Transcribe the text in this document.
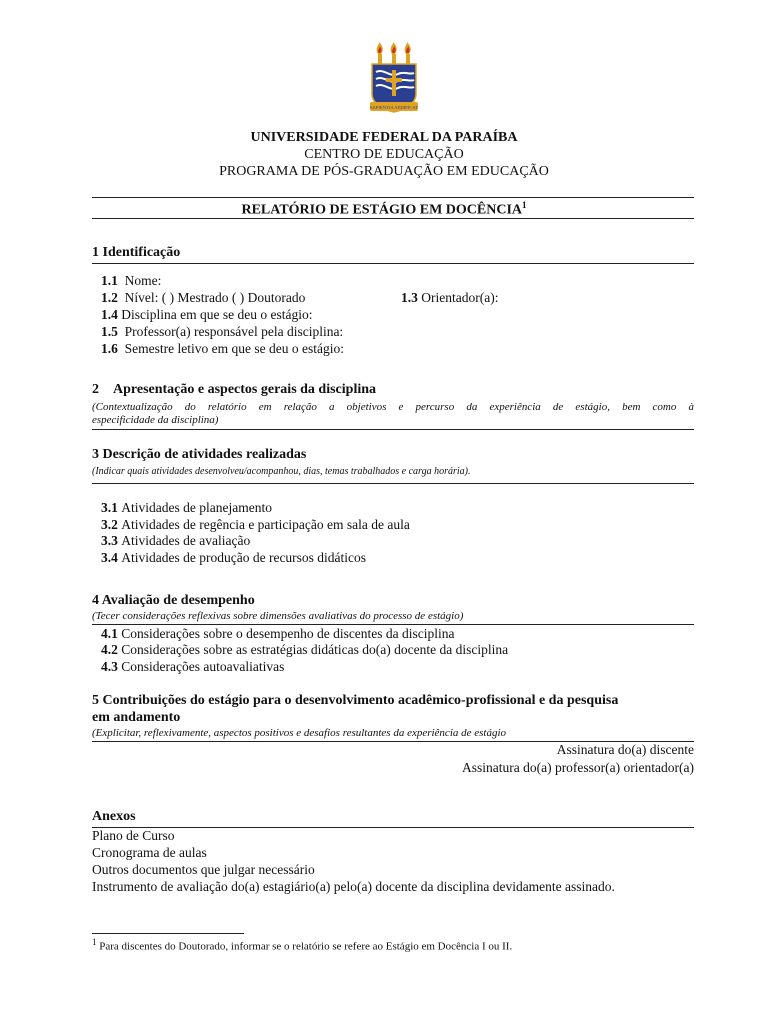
SAPIENTIA AEDIFICAT
UNIVERSIDADE FEDERAL DA PARAÍBA
CENTRO DE EDUCAÇÃO
PROGRAMA DE PÓS-GRADUAÇÃO EM EDUCAÇÃO
RELATÓRIO DE ESTÁGIO EM DOCÊNCIA$^1$
1 Identificação
1.1 Nome:
1.2 Nível: ( ) Mestrado ( ) Doutorado	1.3 Orientador(a):
1.4 Disciplina em que se deu o estágio:
1.5 Professor(a) responsável pela disciplina:
1.6 Semestre letivo em que se deu o estágio:
2 Apresentação e aspectos gerais da disciplina
(Contextualização do relatório em relação a objetivos e percurso da experiência de estágio, bem como à
especificidade da disciplina)
3 Descrição de atividades realizadas
(Indicar quais atividades desenvolveu/acompanhou, dias, temas trabalhados e carga horária).
3.1 Atividades de planejamento
3.2 Atividades de regência e participação em sala de aula
3.3 Atividades de avaliação
3.4 Atividades de produção de recursos didáticos
4 Avaliação de desempenho
(Tecer considerações reflexivas sobre dimensões avaliativas do processo de estágio)
4.1 Considerações sobre o desempenho de discentes da disciplina
4.2 Considerações sobre as estratégias didáticas do(a) docente da disciplina
4.3 Considerações autoavaliativas
5 Contribuições do estágio para o desenvolvimento acadêmico-profissional e da pesquisa
em andamento
(Explicitar, reflexivamente, aspectos positivos e desafios resultantes da experiência de estágio
Assinatura do(a) discente
Assinatura do(a) professor(a) orientador(a)
Anexos
Plano de Curso
Cronograma de aulas
Outros documentos que julgar necessário
Instrumento de avaliação do(a) estagiário(a) pelo(a) docente da disciplina devidamente assinado.
$^1$ Para discentes do Doutorado, informar se o relatório se refere ao Estágio em Docência I ou II.
